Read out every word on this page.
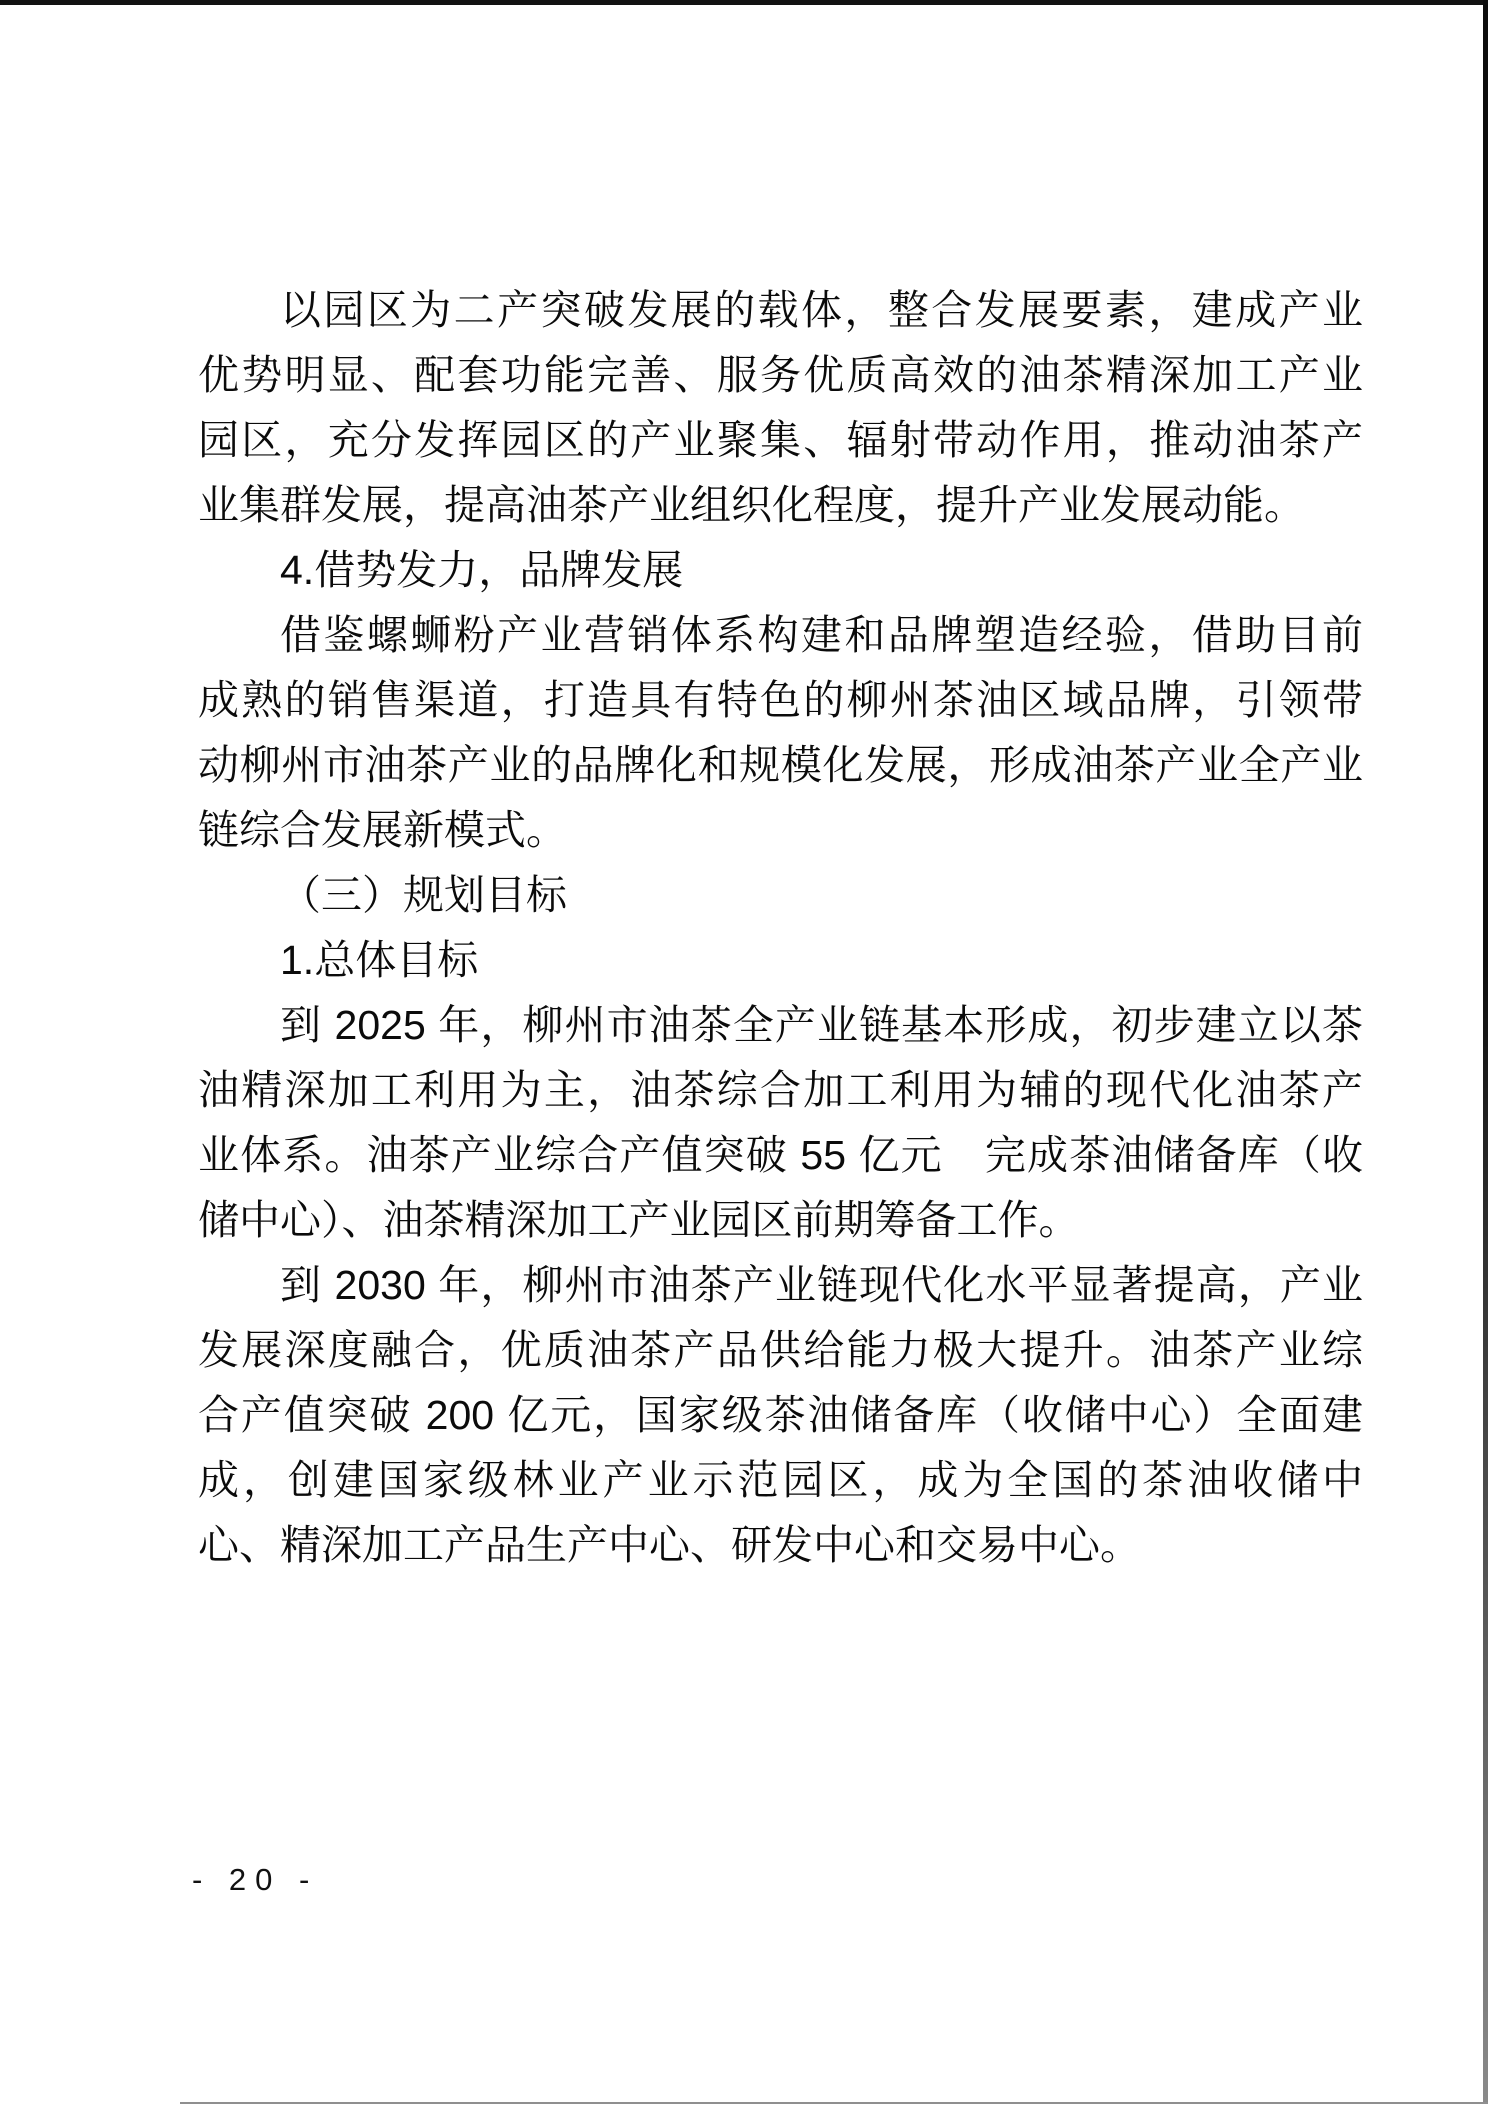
以园区为二产突破发展的载体，整合发展要素，建成产业
优势明显、配套功能完善、服务优质高效的油茶精深加工产业
园区，充分发挥园区的产业聚集、辐射带动作用，推动油茶产
业集群发展，提高油茶产业组织化程度，提升产业发展动能。
4.借势发力，品牌发展
借鉴螺蛳粉产业营销体系构建和品牌塑造经验，借助目前
成熟的销售渠道，打造具有特色的柳州茶油区域品牌，引领带
动柳州市油茶产业的品牌化和规模化发展，形成油茶产业全产业
链综合发展新模式。
（三）规划目标
1.总体目标
到 2025 年，柳州市油茶全产业链基本形成，初步建立以茶
油精深加工利用为主，油茶综合加工利用为辅的现代化油茶产
业体系。油茶产业综合产值突破 55 亿元　完成茶油储备库（收
储中心）、油茶精深加工产业园区前期筹备工作。
到 2030 年，柳州市油茶产业链现代化水平显著提高，产业
发展深度融合，优质油茶产品供给能力极大提升。油茶产业综
合产值突破 200 亿元，国家级茶油储备库（收储中心）全面建
成，创建国家级林业产业示范园区，成为全国的茶油收储中
心、精深加工产品生产中心、研发中心和交易中心。
- 20 -
